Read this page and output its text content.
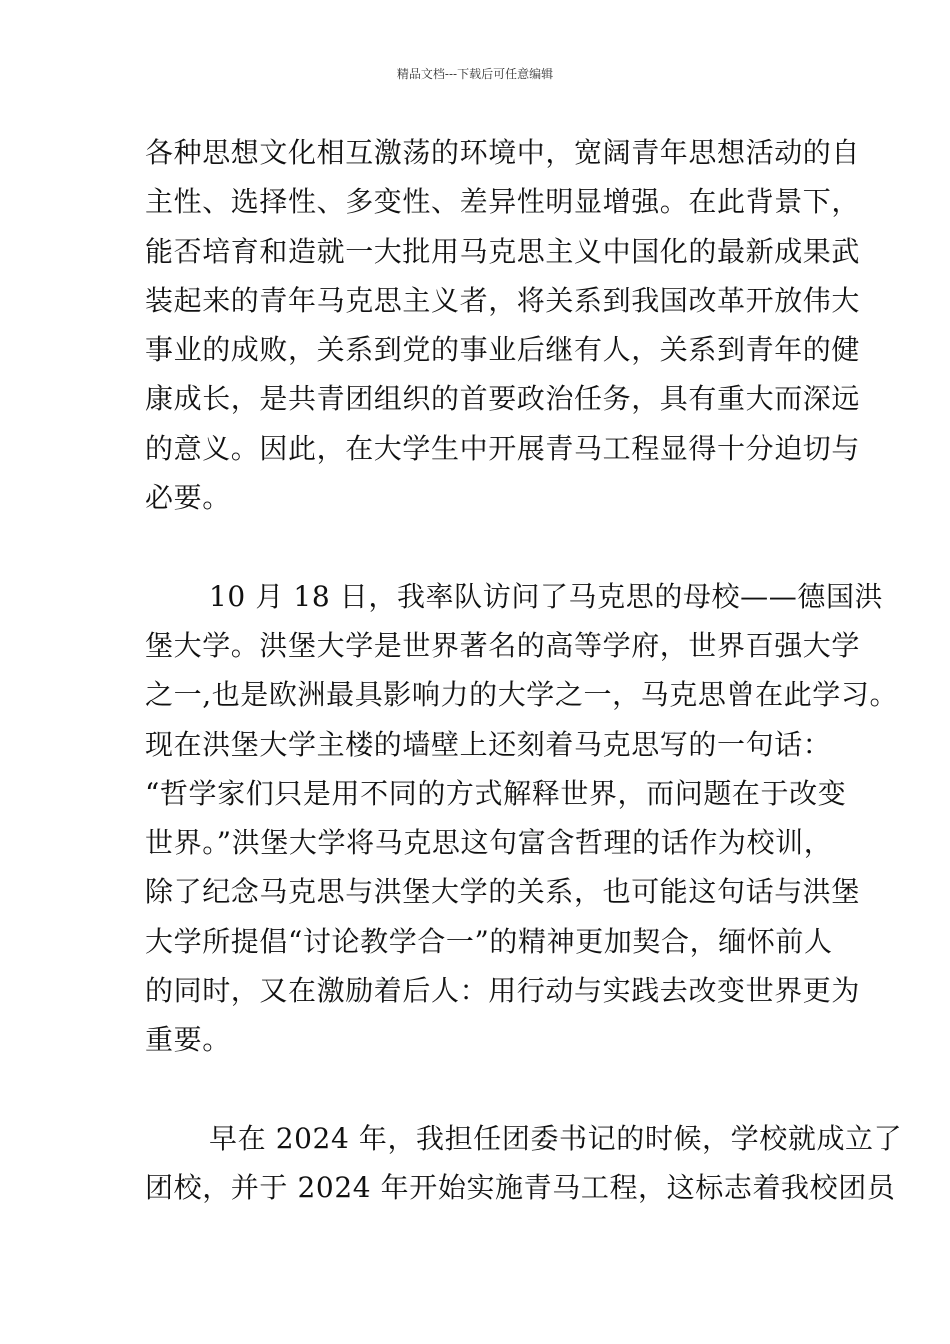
精品文档---下载后可任意编辑
各种思想文化相互激荡的环境中，宽阔青年思想活动的自
主性、选择性、多变性、差异性明显增强。在此背景下，
能否培育和造就一大批用马克思主义中国化的最新成果武
装起来的青年马克思主义者，将关系到我国改革开放伟大
事业的成败，关系到党的事业后继有人，关系到青年的健
康成长，是共青团组织的首要政治任务，具有重大而深远
的意义。因此，在大学生中开展青马工程显得十分迫切与
必要。
10 月 18 日，我率队访问了马克思的母校——德国洪
堡大学。洪堡大学是世界著名的高等学府，世界百强大学
之一,也是欧洲最具影响力的大学之一，马克思曾在此学习。
现在洪堡大学主楼的墙壁上还刻着马克思写的一句话：
“哲学家们只是用不同的方式解释世界，而问题在于改变
世界。”洪堡大学将马克思这句富含哲理的话作为校训，
除了纪念马克思与洪堡大学的关系，也可能这句话与洪堡
大学所提倡“讨论教学合一”的精神更加契合，缅怀前人
的同时，又在激励着后人：用行动与实践去改变世界更为
重要。
早在 2024 年，我担任团委书记的时候，学校就成立了
团校，并于 2024 年开始实施青马工程，这标志着我校团员
